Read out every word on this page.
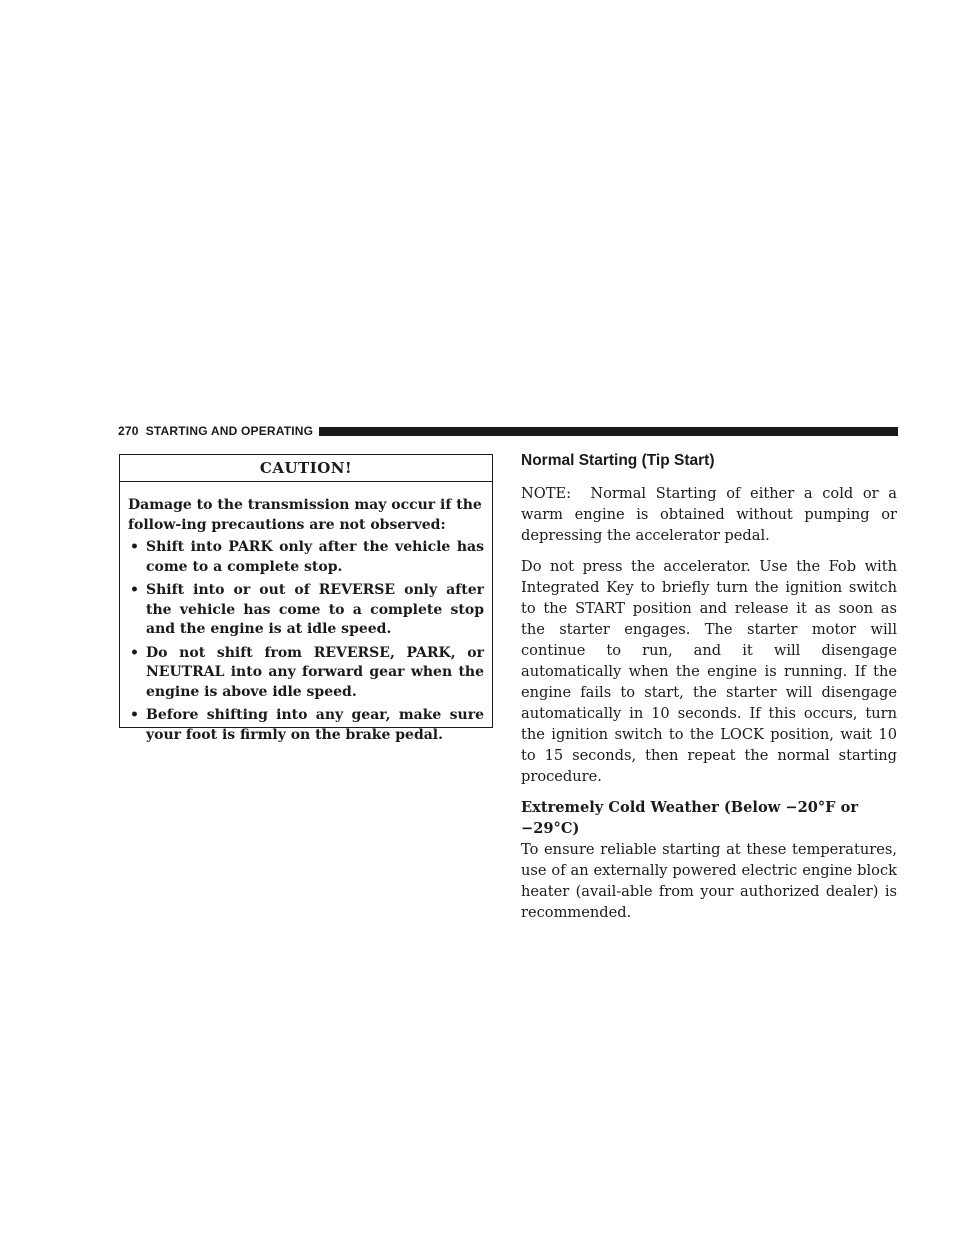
270 STARTING AND OPERATING
CAUTION!

Damage to the transmission may occur if the follow-ing precautions are not observed:

• Shift into PARK only after the vehicle has come to a complete stop.
• Shift into or out of REVERSE only after the vehicle has come to a complete stop and the engine is at idle speed.
• Do not shift from REVERSE, PARK, or NEUTRAL into any forward gear when the engine is above idle speed.
• Before shifting into any gear, make sure your foot is firmly on the brake pedal.
Normal Starting (Tip Start)

NOTE: Normal Starting of either a cold or a warm engine is obtained without pumping or depressing the accelerator pedal.

Do not press the accelerator. Use the Fob with Integrated Key to briefly turn the ignition switch to the START position and release it as soon as the starter engages. The starter motor will continue to run, and it will disengage automatically when the engine is running. If the engine fails to start, the starter will disengage automatically in 10 seconds. If this occurs, turn the ignition switch to the LOCK position, wait 10 to 15 seconds, then repeat the normal starting procedure.

Extremely Cold Weather (Below −20°F or −29°C)

To ensure reliable starting at these temperatures, use of an externally powered electric engine block heater (avail-able from your authorized dealer) is recommended.
